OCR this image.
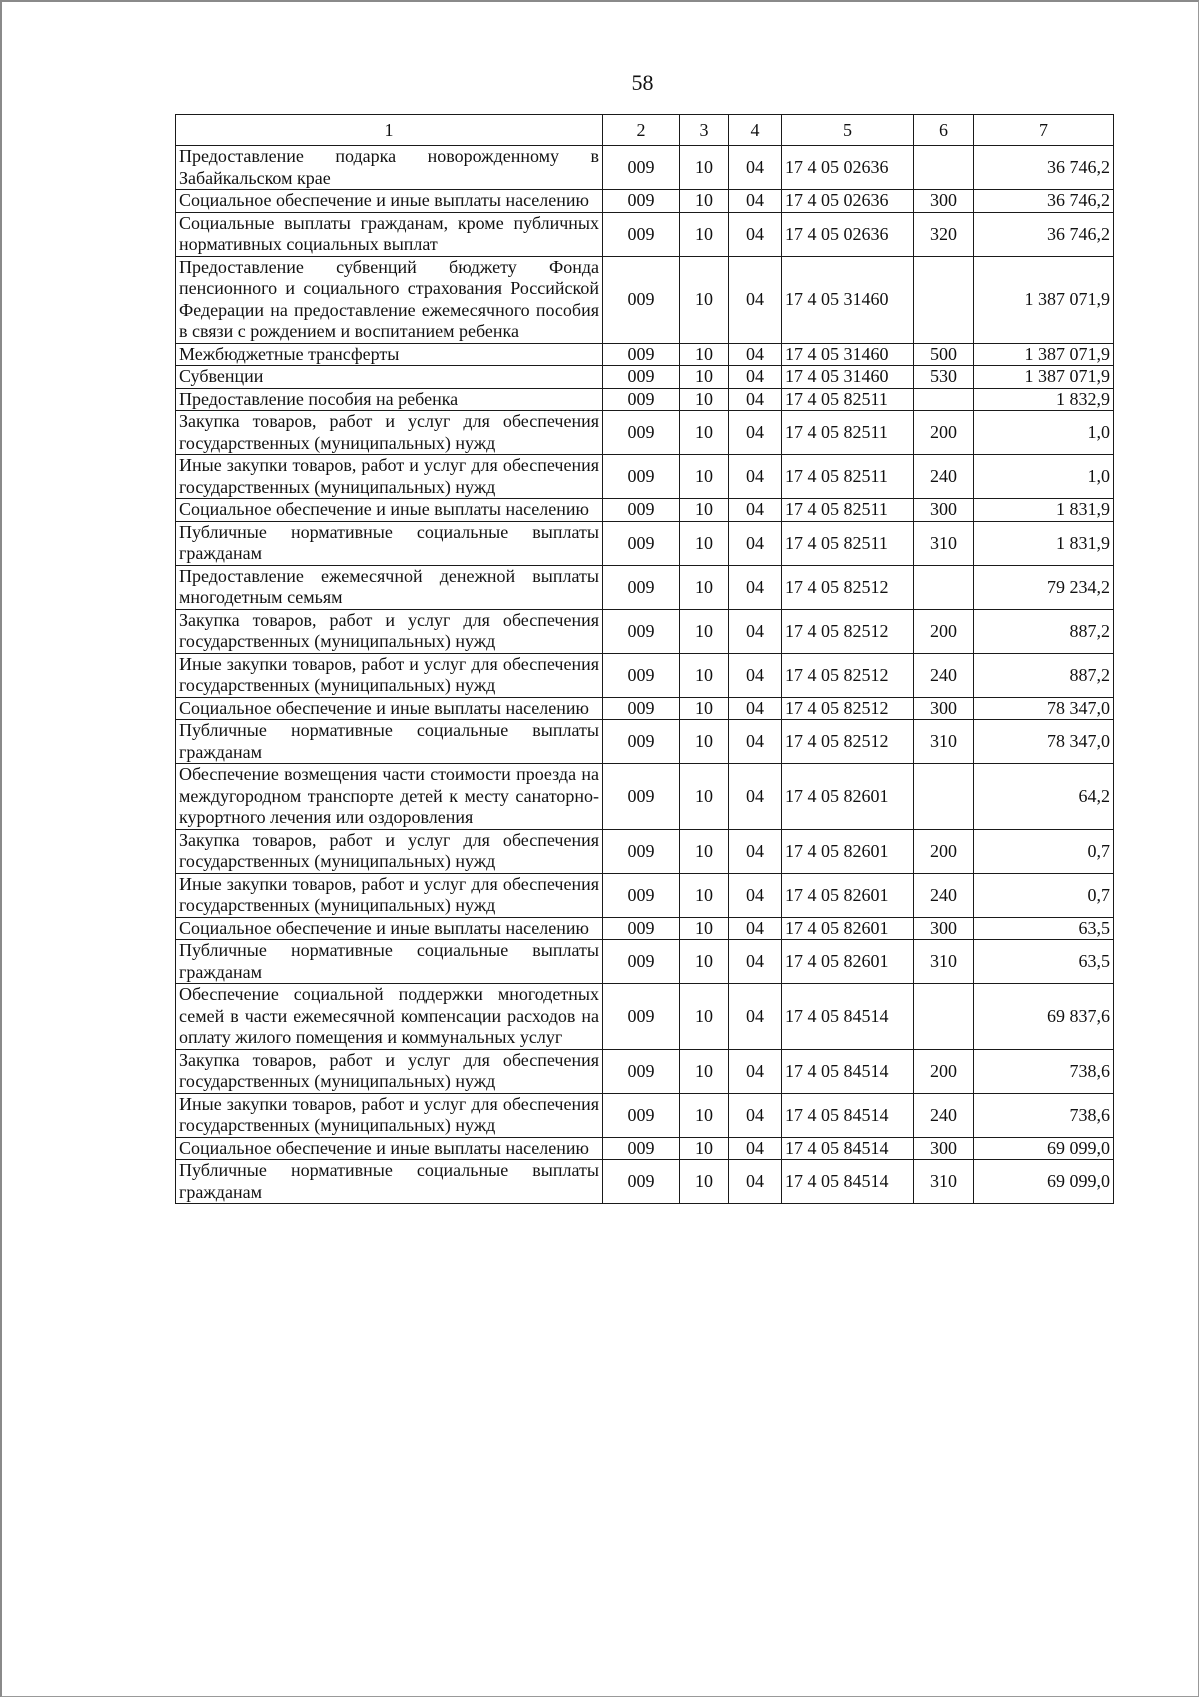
58
1	2	3	4	5	6	7
Предоставление подарка новорожденному в Забайкальском крае	009	10	04	17 4 05 02636		36 746,2
Социальное обеспечение и иные выплаты населению	009	10	04	17 4 05 02636	300	36 746,2
Социальные выплаты гражданам, кроме публичных нормативных социальных выплат	009	10	04	17 4 05 02636	320	36 746,2
Предоставление субвенций бюджету Фонда пенсионного и социального страхования Российской Федерации на предоставление ежемесячного пособия в связи с рождением и воспитанием ребенка	009	10	04	17 4 05 31460		1 387 071,9
Межбюджетные трансферты	009	10	04	17 4 05 31460	500	1 387 071,9
Субвенции	009	10	04	17 4 05 31460	530	1 387 071,9
Предоставление пособия на ребенка	009	10	04	17 4 05 82511		1 832,9
Закупка товаров, работ и услуг для обеспечения государственных (муниципальных) нужд	009	10	04	17 4 05 82511	200	1,0
Иные закупки товаров, работ и услуг для обеспечения государственных (муниципальных) нужд	009	10	04	17 4 05 82511	240	1,0
Социальное обеспечение и иные выплаты населению	009	10	04	17 4 05 82511	300	1 831,9
Публичные нормативные социальные выплаты гражданам	009	10	04	17 4 05 82511	310	1 831,9
Предоставление ежемесячной денежной выплаты многодетным семьям	009	10	04	17 4 05 82512		79 234,2
Закупка товаров, работ и услуг для обеспечения государственных (муниципальных) нужд	009	10	04	17 4 05 82512	200	887,2
Иные закупки товаров, работ и услуг для обеспечения государственных (муниципальных) нужд	009	10	04	17 4 05 82512	240	887,2
Социальное обеспечение и иные выплаты населению	009	10	04	17 4 05 82512	300	78 347,0
Публичные нормативные социальные выплаты гражданам	009	10	04	17 4 05 82512	310	78 347,0
Обеспечение возмещения части стоимости проезда на междугородном транспорте детей к месту санаторно-курортного лечения или оздоровления	009	10	04	17 4 05 82601		64,2
Закупка товаров, работ и услуг для обеспечения государственных (муниципальных) нужд	009	10	04	17 4 05 82601	200	0,7
Иные закупки товаров, работ и услуг для обеспечения государственных (муниципальных) нужд	009	10	04	17 4 05 82601	240	0,7
Социальное обеспечение и иные выплаты населению	009	10	04	17 4 05 82601	300	63,5
Публичные нормативные социальные выплаты гражданам	009	10	04	17 4 05 82601	310	63,5
Обеспечение социальной поддержки многодетных семей в части ежемесячной компенсации расходов на оплату жилого помещения и коммунальных услуг	009	10	04	17 4 05 84514		69 837,6
Закупка товаров, работ и услуг для обеспечения государственных (муниципальных) нужд	009	10	04	17 4 05 84514	200	738,6
Иные закупки товаров, работ и услуг для обеспечения государственных (муниципальных) нужд	009	10	04	17 4 05 84514	240	738,6
Социальное обеспечение и иные выплаты населению	009	10	04	17 4 05 84514	300	69 099,0
Публичные нормативные социальные выплаты гражданам	009	10	04	17 4 05 84514	310	69 099,0
